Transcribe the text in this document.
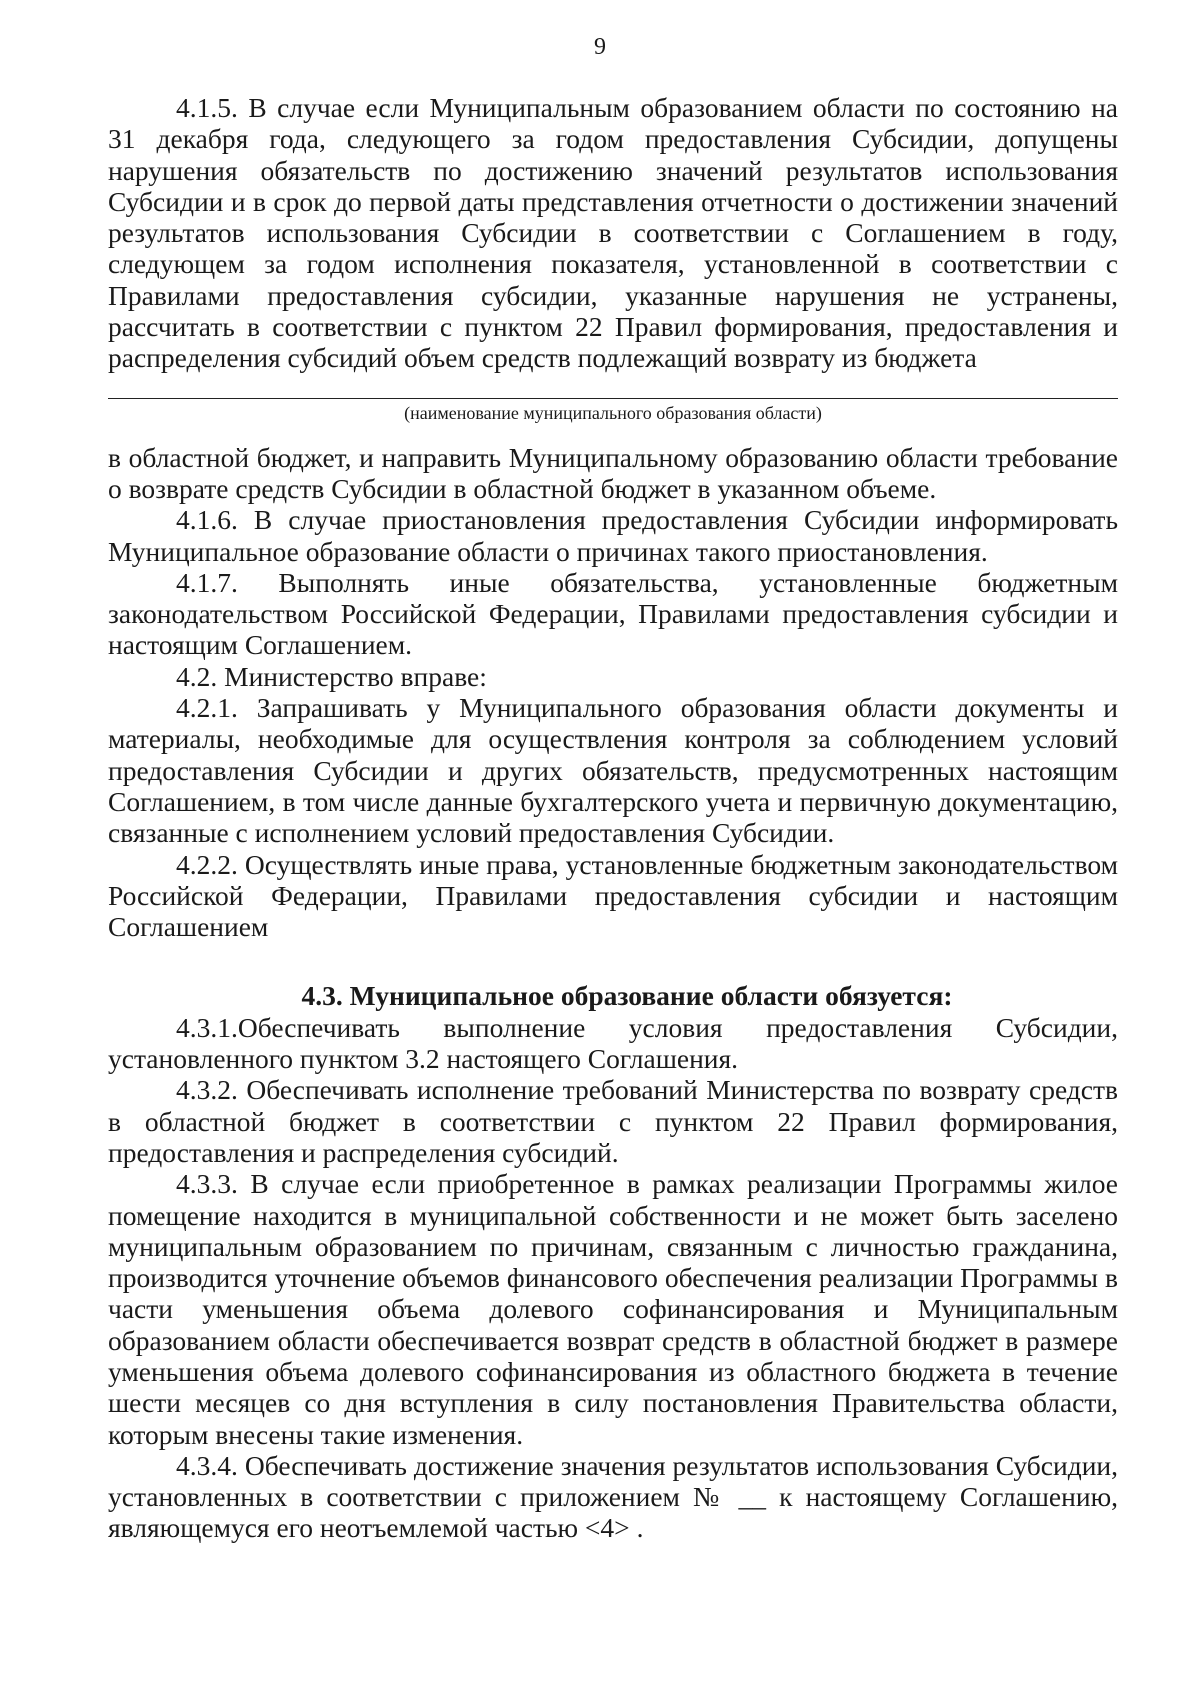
9

4.1.5. В случае если Муниципальным образованием области по состоянию на 31 декабря года, следующего за годом предоставления Субсидии, допущены нарушения обязательств по достижению значений результатов использования Субсидии и в срок до первой даты представления отчетности о достижении значений результатов использования Субсидии в соответствии с Соглашением в году, следующем за годом исполнения показателя, установленной в соответствии с Правилами предоставления субсидии, указанные нарушения не устранены, рассчитать в соответствии с пунктом 22 Правил формирования, предоставления и распределения субсидий объем средств подлежащий возврату из бюджета

(наименование муниципального образования области)

в областной бюджет, и направить Муниципальному образованию области требование о возврате средств Субсидии в областной бюджет в указанном объеме.

4.1.6. В случае приостановления предоставления Субсидии информировать Муниципальное образование области о причинах такого приостановления.

4.1.7. Выполнять иные обязательства, установленные бюджетным законодательством Российской Федерации, Правилами предоставления субсидии и настоящим Соглашением.

4.2. Министерство вправе:

4.2.1. Запрашивать у Муниципального образования области документы и материалы, необходимые для осуществления контроля за соблюдением условий предоставления Субсидии и других обязательств, предусмотренных настоящим Соглашением, в том числе данные бухгалтерского учета и первичную документацию, связанные с исполнением условий предоставления Субсидии.

4.2.2. Осуществлять иные права, установленные бюджетным законодательством Российской Федерации, Правилами предоставления субсидии и настоящим Соглашением

4.3. Муниципальное образование области обязуется:

4.3.1.Обеспечивать выполнение условия предоставления Субсидии, установленного пунктом 3.2 настоящего Соглашения.

4.3.2. Обеспечивать исполнение требований Министерства по возврату средств в областной бюджет в соответствии с пунктом 22 Правил формирования, предоставления и распределения субсидий.

4.3.3. В случае если приобретенное в рамках реализации Программы жилое помещение находится в муниципальной собственности и не может быть заселено муниципальным образованием по причинам, связанным с личностью гражданина, производится уточнение объемов финансового обеспечения реализации Программы в части уменьшения объема долевого софинансирования и Муниципальным образованием области обеспечивается возврат средств в областной бюджет в размере уменьшения объема долевого софинансирования из областного бюджета в течение шести месяцев со дня вступления в силу постановления Правительства области, которым внесены такие изменения.

4.3.4. Обеспечивать достижение значения результатов использования Субсидии, установленных в соответствии с приложением № __ к настоящему Соглашению, являющемуся его неотъемлемой частью <4> .
